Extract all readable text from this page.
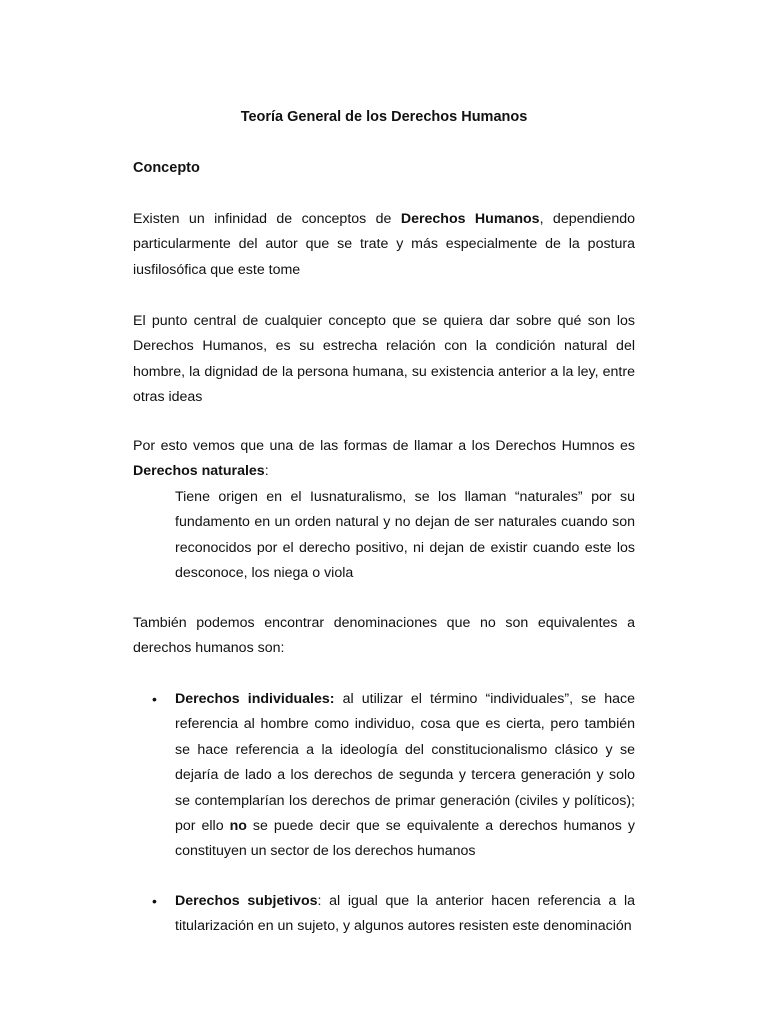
Teoría General de los Derechos Humanos
Concepto

Existen un infinidad de conceptos de Derechos Humanos, dependiendo particularmente del autor que se trate y más especialmente de la postura iusfilosófica que este tome

El punto central de cualquier concepto que se quiera dar sobre qué son los Derechos Humanos, es su estrecha relación con la condición natural del hombre, la dignidad de la persona humana, su existencia anterior a la ley, entre otras ideas

Por esto vemos que una de las formas de llamar a los Derechos Humnos es Derechos naturales:

Tiene origen en el Iusnaturalismo, se los llaman “naturales” por su fundamento en un orden natural y no dejan de ser naturales cuando son reconocidos por el derecho positivo, ni dejan de existir cuando este los desconoce, los niega o viola

También podemos encontrar denominaciones que no son equivalentes a derechos humanos son:

• Derechos individuales: al utilizar el término “individuales”, se hace referencia al hombre como individuo, cosa que es cierta, pero también se hace referencia a la ideología del constitucionalismo clásico y se dejaría de lado a los derechos de segunda y tercera generación y solo se contemplarían los derechos de primar generación (civiles y políticos); por ello no se puede decir que se equivalente a derechos humanos y constituyen un sector de los derechos humanos

• Derechos subjetivos: al igual que la anterior hacen referencia a la titularización en un sujeto, y algunos autores resisten este denominación
